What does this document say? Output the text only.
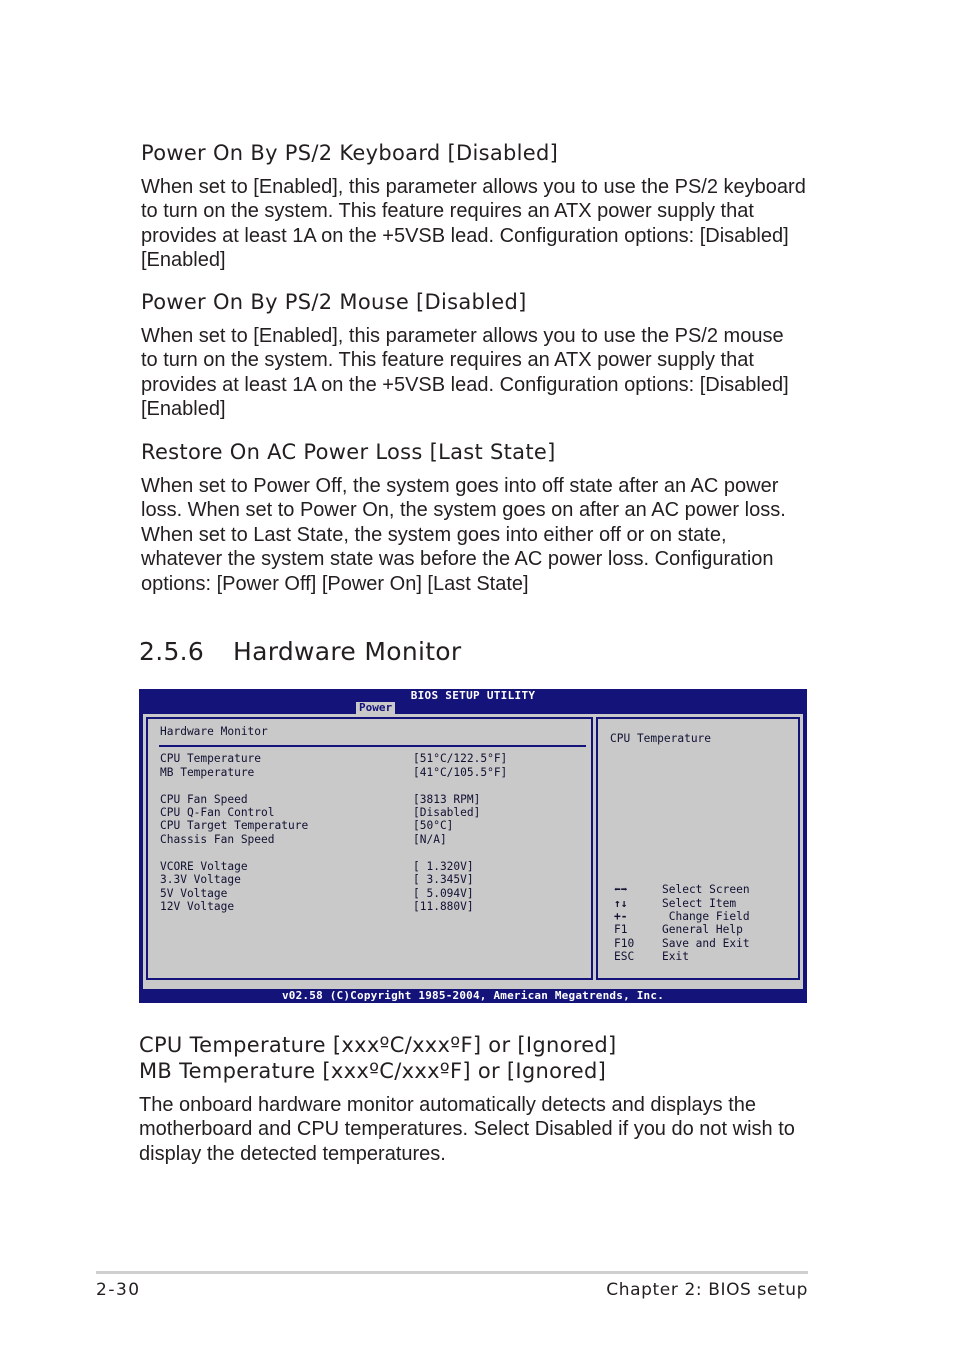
Power On By PS/2 Keyboard [Disabled]

When set to [Enabled], this parameter allows you to use the PS/2 keyboard to turn on the system. This feature requires an ATX power supply that provides at least 1A on the +5VSB lead. Configuration options: [Disabled] [Enabled]

Power On By PS/2 Mouse [Disabled]

When set to [Enabled], this parameter allows you to use the PS/2 mouse to turn on the system. This feature requires an ATX power supply that provides at least 1A on the +5VSB lead. Configuration options: [Disabled] [Enabled]

Restore On AC Power Loss [Last State]

When set to Power Off, the system goes into off state after an AC power loss. When set to Power On, the system goes on after an AC power loss. When set to Last State, the system goes into either off or on state, whatever the system state was before the AC power loss. Configuration options: [Power Off] [Power On] [Last State]

2.5.6 Hardware Monitor
BIOS SETUP UTILITY
Power
Hardware Monitor
CPU Temperature	[51°C/122.5°F]
MB Temperature	[41°C/105.5°F]
CPU Fan Speed	[3813 RPM]
CPU Q-Fan Control	[Disabled]
CPU Target Temperature	[50°C]
Chassis Fan Speed	[N/A]
VCORE Voltage	[ 1.320V]
3.3V Voltage	[ 3.345V]
5V Voltage	[ 5.094V]
12V Voltage	[11.880V]
CPU Temperature
⬅➡	Select Screen
↑↓	Select Item
+-	Change Field
F1	General Help
F10 Save and Exit
ESC Exit
v02.58 (C)Copyright 1985-2004, American Megatrends, Inc.
CPU Temperature [xxxºC/xxxºF] or [Ignored]
MB Temperature [xxxºC/xxxºF] or [Ignored]

The onboard hardware monitor automatically detects and displays the motherboard and CPU temperatures. Select Disabled if you do not wish to display the detected temperatures.

2-30	Chapter 2: BIOS setup
